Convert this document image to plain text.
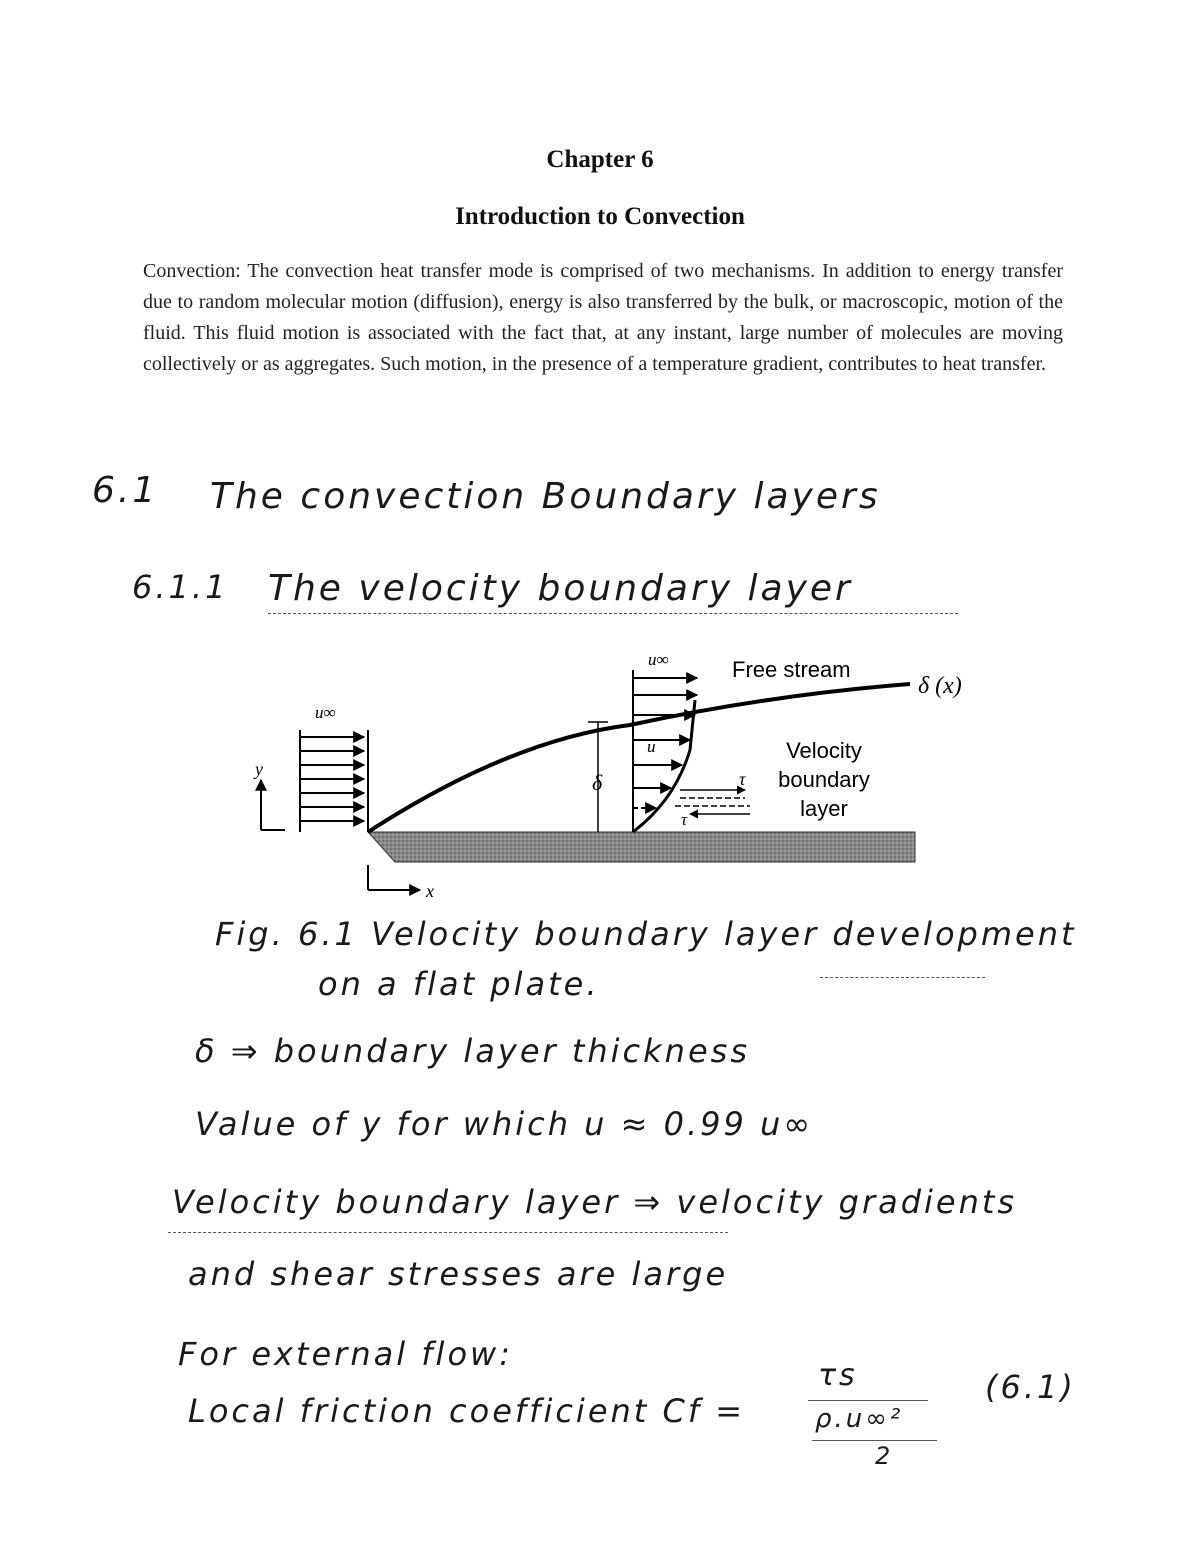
Chapter 6
Introduction to Convection
Convection: The convection heat transfer mode is comprised of two mechanisms. In addition to energy transfer due to random molecular motion (diffusion), energy is also transferred by the bulk, or macroscopic, motion of the fluid. This fluid motion is associated with the fact that, at any instant, large number of molecules are moving collectively or as aggregates. Such motion, in the presence of a temperature gradient, contributes to heat transfer.
6.1 The convection Boundary layers
6.1.1 The velocity boundary layer
Free stream
δ (x)
u∞
u∞
u
δ	τ
τ
Velocity
boundary
layer
y
x
Fig. 6.1 Velocity boundary layer development
on a flat plate.
δ ⇒ boundary layer thickness
Value of y for which u ≈ 0.99 u∞
Velocity boundary layer ⇒ velocity gradients
and shear stresses are large
For external flow:
Local friction coefficient Cf =
τs
ρ.u∞²
2
(6.1)
